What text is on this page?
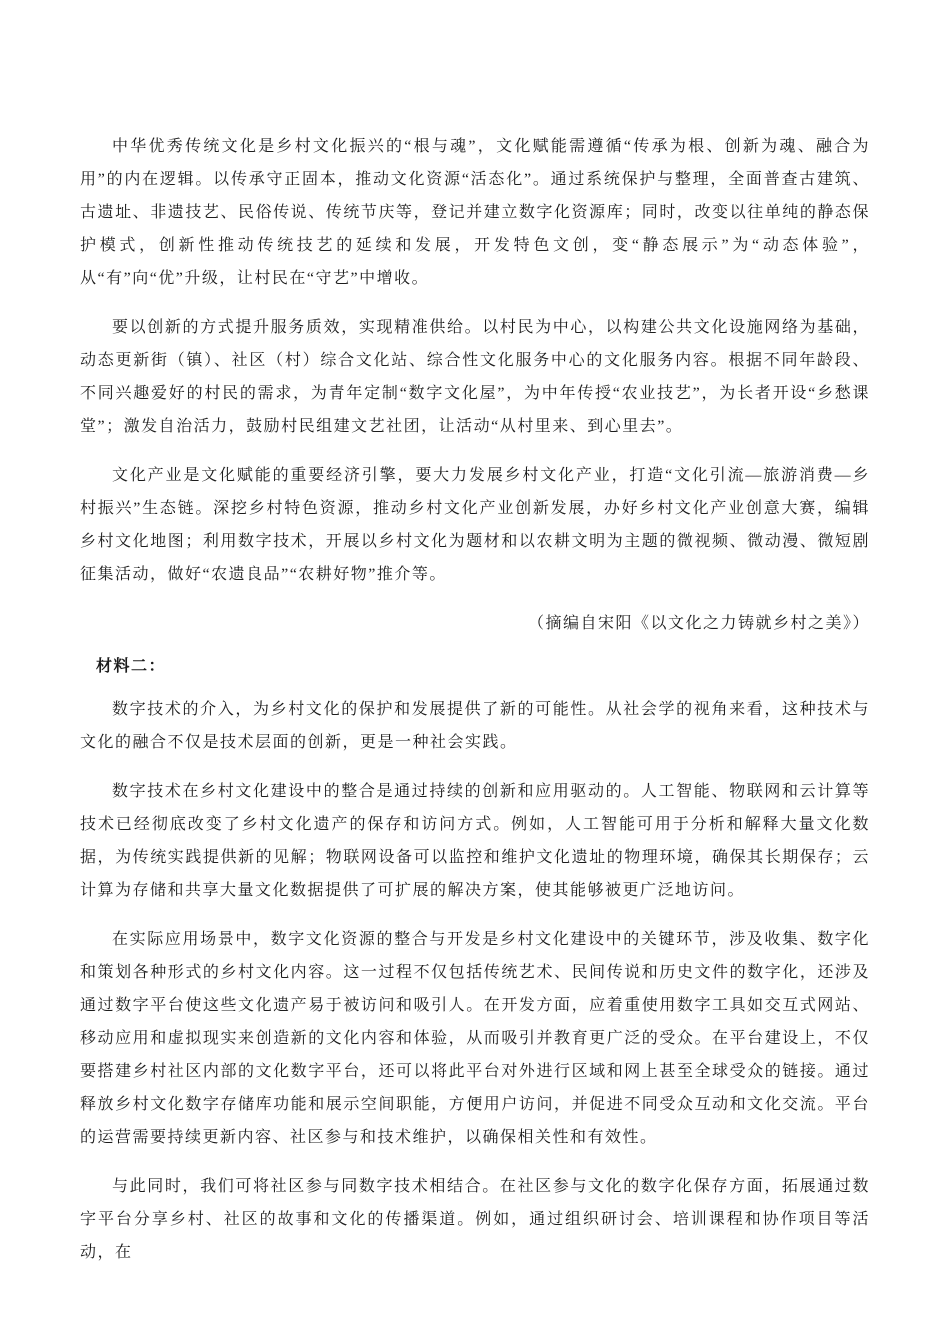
中华优秀传统文化是乡村文化振兴的“根与魂”，文化赋能需遵循“传承为根、创新为魂、融合为用”的内在逻辑。以传承守正固本，推动文化资源“活态化”。通过系统保护与整理，全面普查古建筑、古遗址、非遗技艺、民俗传说、传统节庆等，登记并建立数字化资源库；同时，改变以往单纯的静态保护模式，创新性推动传统技艺的延续和发展，开发特色文创，变“静态展示”为“动态体验”，从“有”向“优”升级，让村民在“守艺”中增收。

要以创新的方式提升服务质效，实现精准供给。以村民为中心，以构建公共文化设施网络为基础，动态更新街（镇）、社区（村）综合文化站、综合性文化服务中心的文化服务内容。根据不同年龄段、不同兴趣爱好的村民的需求，为青年定制“数字文化屋”，为中年传授“农业技艺”，为长者开设“乡愁课堂”；激发自治活力，鼓励村民组建文艺社团，让活动“从村里来、到心里去”。

文化产业是文化赋能的重要经济引擎，要大力发展乡村文化产业，打造“文化引流—旅游消费—乡村振兴”生态链。深挖乡村特色资源，推动乡村文化产业创新发展，办好乡村文化产业创意大赛，编辑乡村文化地图；利用数字技术，开展以乡村文化为题材和以农耕文明为主题的微视频、微动漫、微短剧征集活动，做好“农遗良品”“农耕好物”推介等。

（摘编自宋阳《以文化之力铸就乡村之美》）

材料二：

数字技术的介入，为乡村文化的保护和发展提供了新的可能性。从社会学的视角来看，这种技术与文化的融合不仅是技术层面的创新，更是一种社会实践。

数字技术在乡村文化建设中的整合是通过持续的创新和应用驱动的。人工智能、物联网和云计算等技术已经彻底改变了乡村文化遗产的保存和访问方式。例如，人工智能可用于分析和解释大量文化数据，为传统实践提供新的见解；物联网设备可以监控和维护文化遗址的物理环境，确保其长期保存；云计算为存储和共享大量文化数据提供了可扩展的解决方案，使其能够被更广泛地访问。

在实际应用场景中，数字文化资源的整合与开发是乡村文化建设中的关键环节，涉及收集、数字化和策划各种形式的乡村文化内容。这一过程不仅包括传统艺术、民间传说和历史文件的数字化，还涉及通过数字平台使这些文化遗产易于被访问和吸引人。在开发方面，应着重使用数字工具如交互式网站、移动应用和虚拟现实来创造新的文化内容和体验，从而吸引并教育更广泛的受众。在平台建设上，不仅要搭建乡村社区内部的文化数字平台，还可以将此平台对外进行区域和网上甚至全球受众的链接。通过释放乡村文化数字存储库功能和展示空间职能，方便用户访问，并促进不同受众互动和文化交流。平台的运营需要持续更新内容、社区参与和技术维护，以确保相关性和有效性。

与此同时，我们可将社区参与同数字技术相结合。在社区参与文化的数字化保存方面，拓展通过数字平台分享乡村、社区的故事和文化的传播渠道。例如，通过组织研讨会、培训课程和协作项目等活动，在
